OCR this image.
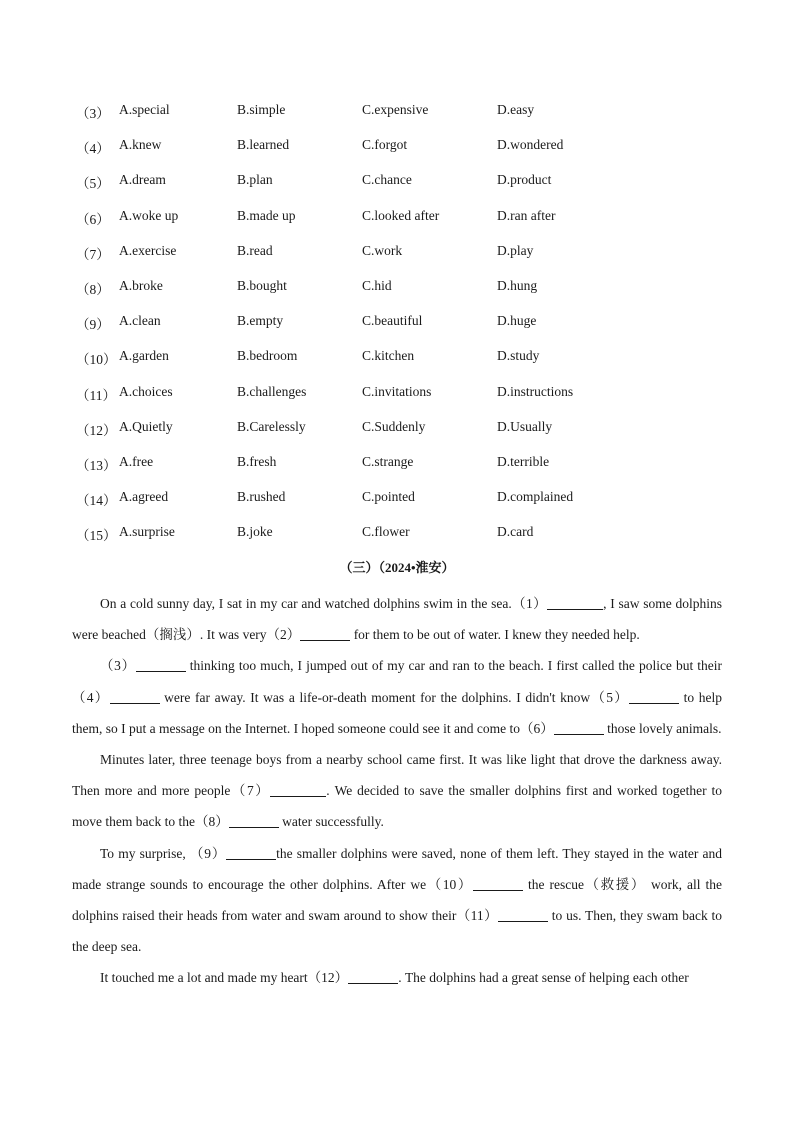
（3） A.special	B.simple	C.expensive	D.easy
（4） A.knew	B.learned	C.forgot	D.wondered
（5） A.dream	B.plan	C.chance	D.product
（6） A.woke up	B.made up	C.looked after	D.ran after
（7） A.exercise	B.read	C.work	D.play
（8） A.broke	B.bought	C.hid	D.hung
（9） A.clean	B.empty	C.beautiful	D.huge
（10） A.garden	B.bedroom	C.kitchen	D.study
（11） A.choices	B.challenges	C.invitations	D.instructions
（12） A.Quietly	B.Carelessly	C.Suddenly	D.Usually
（13） A.free	B.fresh	C.strange	D.terrible
（14） A.agreed	B.rushed	C.pointed	D.complained
（15） A.surprise	B.joke	C.flower	D.card
（三）（2024•淮安）

On a cold sunny day, I sat in my car and watched dolphins swim in the sea.（1）	, I saw some dolphins were beached（搁浅）. It was very（2）	for them to be out of water. I knew they needed help.

（3）	thinking too much, I jumped out of my car and ran to the beach. I first called the police but their （4）	were far away. It was a life-or-death moment for the dolphins. I didn't know（5）	to help them, so I put a message on the Internet. I hoped someone could see it and come to（6）	those lovely animals.

Minutes later, three teenage boys from a nearby school came first. It was like light that drove the darkness away. Then more and more people（7）	. We decided to save the smaller dolphins first and worked together to move them back to the（8）	water successfully.

To my surprise, （9）	the smaller dolphins were saved, none of them left. They stayed in the water and made strange sounds to encourage the other dolphins. After we（10）	the rescue（救援） work, all the dolphins raised their heads from water and swam around to show their（11）	to us. Then, they swam back to the deep sea.

It touched me a lot and made my heart（12）	. The dolphins had a great sense of helping each other
